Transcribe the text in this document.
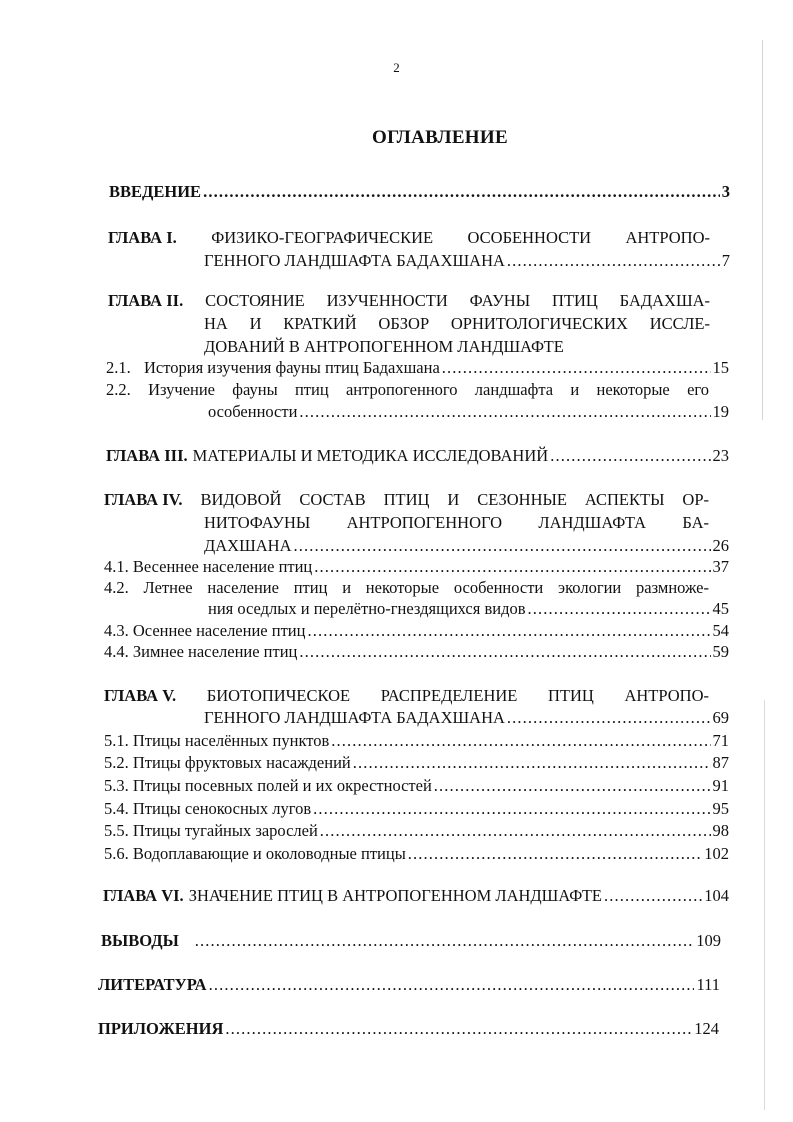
2
ОГЛАВЛЕНИЕ
ВВЕДЕНИЕ . . .	3
ГЛАВА I. ФИЗИКО-ГЕОГРАФИЧЕСКИЕ ОСОБЕННОСТИ АНТРОПО-
ГЕННОГО ЛАНДШАФТА БАДАХШАНА . . .	7
ГЛАВА II. СОСТОЯНИЕ ИЗУЧЕННОСТИ ФАУНЫ ПТИЦ БАДАХША-
НА И КРАТКИЙ ОБЗОР ОРНИТОЛОГИЧЕСКИХ ИССЛЕ-
ДОВАНИЙ В АНТРОПОГЕННОМ ЛАНДШАФТЕ
2.1. История изучения фауны птиц Бадахшана . . .	15
2.2. Изучение фауны птиц антропогенного ландшафта и некоторые его
особенности . . .	19
ГЛАВА III. МАТЕРИАЛЫ И МЕТОДИКА ИССЛЕДОВАНИЙ . . .	23
ГЛАВА IV. ВИДОВОЙ СОСТАВ ПТИЦ И СЕЗОННЫЕ АСПЕКТЫ ОР-
НИТОФАУНЫ АНТРОПОГЕННОГО ЛАНДШАФТА БА-
ДАХШАНА . . .	26
4.1. Весеннее население птиц . . .	37
4.2. Летнее население птиц и некоторые особенности экологии размноже-
ния оседлых и перелётно-гнездящихся видов . . .	45
4.3. Осеннее население птиц . . .	54
4.4. Зимнее население птиц . . .	59
ГЛАВА V. БИОТОПИЧЕСКОЕ РАСПРЕДЕЛЕНИЕ ПТИЦ АНТРОПО-
ГЕННОГО ЛАНДШАФТА БАДАХШАНА . . .	69
5.1. Птицы населённых пунктов . . .	71
5.2. Птицы фруктовых насаждений . . .	87
5.3. Птицы посевных полей и их окрестностей . . .	91
5.4. Птицы сенокосных лугов . . .	95
5.5. Птицы тугайных зарослей . . .	98
5.6. Водоплавающие и околоводные птицы . . .	102
ГЛАВА VI. ЗНАЧЕНИЕ ПТИЦ В АНТРОПОГЕННОМ ЛАНДШАФТЕ . . .	104
ВЫВОДЫ . . .	109
ЛИТЕРАТУРА . . .	111
ПРИЛОЖЕНИЯ . . .	124
